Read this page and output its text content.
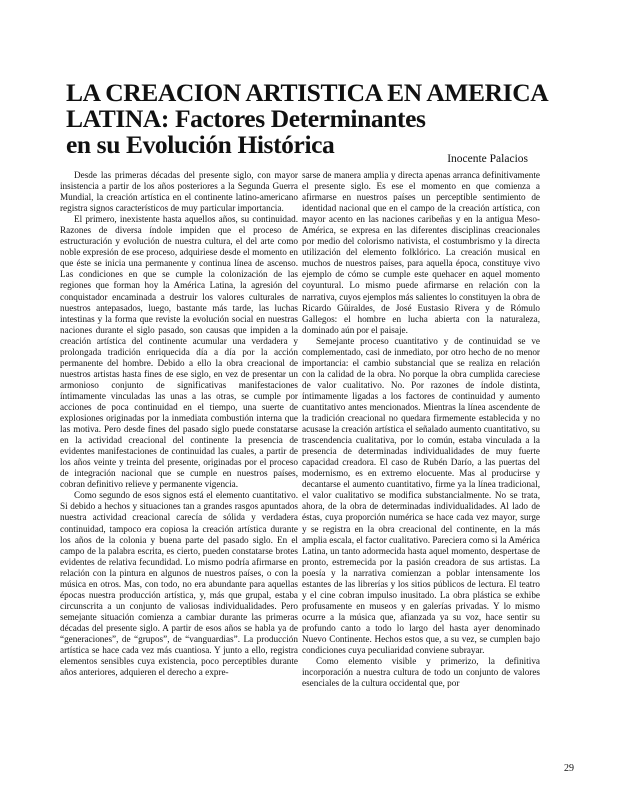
LA CREACION ARTISTICA EN AMERICA
LATINA: Factores Determinantes
en su Evolución Histórica	Inocente Palacios

Desde las primeras décadas del presente siglo, con mayor insistencia a partir de los años posteriores a la Segunda Guerra Mundial, la creación artística en el continente latino-americano registra signos característicos de muy particular importancia.

El primero, inexistente hasta aquellos años, su continuidad. Razones de diversa índole impiden que el proceso de estructuración y evolución de nuestra cultura, el del arte como noble expresión de ese proceso, adquiriese desde el momento en que éste se inicia una permanente y continua línea de ascenso. Las condiciones en que se cumple la colonización de las regiones que forman hoy la América Latina, la agresión del conquistador encaminada a destruir los valores culturales de nuestros antepasados, luego, bastante más tarde, las luchas intestinas y la forma que reviste la evolución social en nuestras naciones durante el siglo pasado, son causas que impiden a la creación artística del continente acumular una verdadera y prolongada tradición enriquecida día a día por la acción permanente del hombre. Debido a ello la obra creacional de nuestros artistas hasta fines de ese siglo, en vez de presentar un armonioso conjunto de significativas manifestaciones íntimamente vinculadas las unas a las otras, se cumple por acciones de poca continuidad en el tiempo, una suerte de explosiones originadas por la inmediata combustión interna que las motiva. Pero desde fines del pasado siglo puede constatarse en la actividad creacional del continente la presencia de evidentes manifestaciones de continuidad las cuales, a partir de los años veinte y treinta del presente, originadas por el proceso de integración nacional que se cumple en nuestros países, cobran definitivo relieve y permanente vigencia.

Como segundo de esos signos está el elemento cuantitativo. Si debido a hechos y situaciones tan a grandes rasgos apuntados nuestra actividad creacional carecía de sólida y verdadera continuidad, tampoco era copiosa la creación artística durante los años de la colonia y buena parte del pasado siglo. En el campo de la palabra escrita, es cierto, pueden constatarse brotes evidentes de relativa fecundidad. Lo mismo podría afirmarse en relación con la pintura en algunos de nuestros países, o con la música en otros. Mas, con todo, no era abundante para aquellas épocas nuestra producción artística, y, más que grupal, estaba circunscrita a un conjunto de valiosas individualidades. Pero semejante situación comienza a cambiar durante las primeras décadas del presente siglo. A partir de esos años se habla ya de “generaciones”, de “grupos”, de “vanguardias”. La producción artística se hace cada vez más cuantiosa. Y junto a ello, registra elementos sensibles cuya existencia, poco perceptibles durante años anteriores, adquieren el derecho a expre-

sarse de manera amplia y directa apenas arranca definitivamente el presente siglo. Es ese el momento en que comienza a afirmarse en nuestros países un perceptible sentimiento de identidad nacional que en el campo de la creación artística, con mayor acento en las naciones caribeñas y en la antigua Meso-América, se expresa en las diferentes disciplinas creacionales por medio del colorismo nativista, el costumbrismo y la directa utilización del elemento folklórico. La creación musical en muchos de nuestros países, para aquella época, constituye vivo ejemplo de cómo se cumple este quehacer en aquel momento coyuntural. Lo mismo puede afirmarse en relación con la narrativa, cuyos ejemplos más salientes lo constituyen la obra de Ricardo Güiraldes, de José Eustasio Rivera y de Rómulo Gallegos: el hombre en lucha abierta con la naturaleza, dominado aún por el paisaje.

Semejante proceso cuantitativo y de continuidad se ve complementado, casi de inmediato, por otro hecho de no menor importancia: el cambio substancial que se realiza en relación con la calidad de la obra. No porque la obra cumplida careciese de valor cualitativo. No. Por razones de índole distinta, íntimamente ligadas a los factores de continuidad y aumento cuantitativo antes mencionados. Mientras la línea ascendente de la tradición creacional no quedara firmemente establecida y no acusase la creación artística el señalado aumento cuantitativo, su trascendencia cualitativa, por lo común, estaba vinculada a la presencia de determinadas individualidades de muy fuerte capacidad creadora. El caso de Rubén Darío, a las puertas del modernismo, es en extremo elocuente. Mas al producirse y decantarse el aumento cuantitativo, firme ya la línea tradicional, el valor cualitativo se modifica substancialmente. No se trata, ahora, de la obra de determinadas individualidades. Al lado de éstas, cuya proporción numérica se hace cada vez mayor, surge y se registra en la obra creacional del continente, en la más amplia escala, el factor cualitativo. Pareciera como si la América Latina, un tanto adormecida hasta aquel momento, despertase de pronto, estremecida por la pasión creadora de sus artistas. La poesía y la narrativa comienzan a poblar intensamente los estantes de las librerías y los sitios públicos de lectura. El teatro y el cine cobran impulso inusitado. La obra plástica se exhibe profusamente en museos y en galerías privadas. Y lo mismo ocurre a la música que, afianzada ya su voz, hace sentir su profundo canto a todo lo largo del hasta ayer denominado Nuevo Continente. Hechos estos que, a su vez, se cumplen bajo condiciones cuya peculiaridad conviene subrayar.

Como elemento visible y primerizo, la definitiva incorporación a nuestra cultura de todo un conjunto de valores esenciales de la cultura occidental que, por

29
